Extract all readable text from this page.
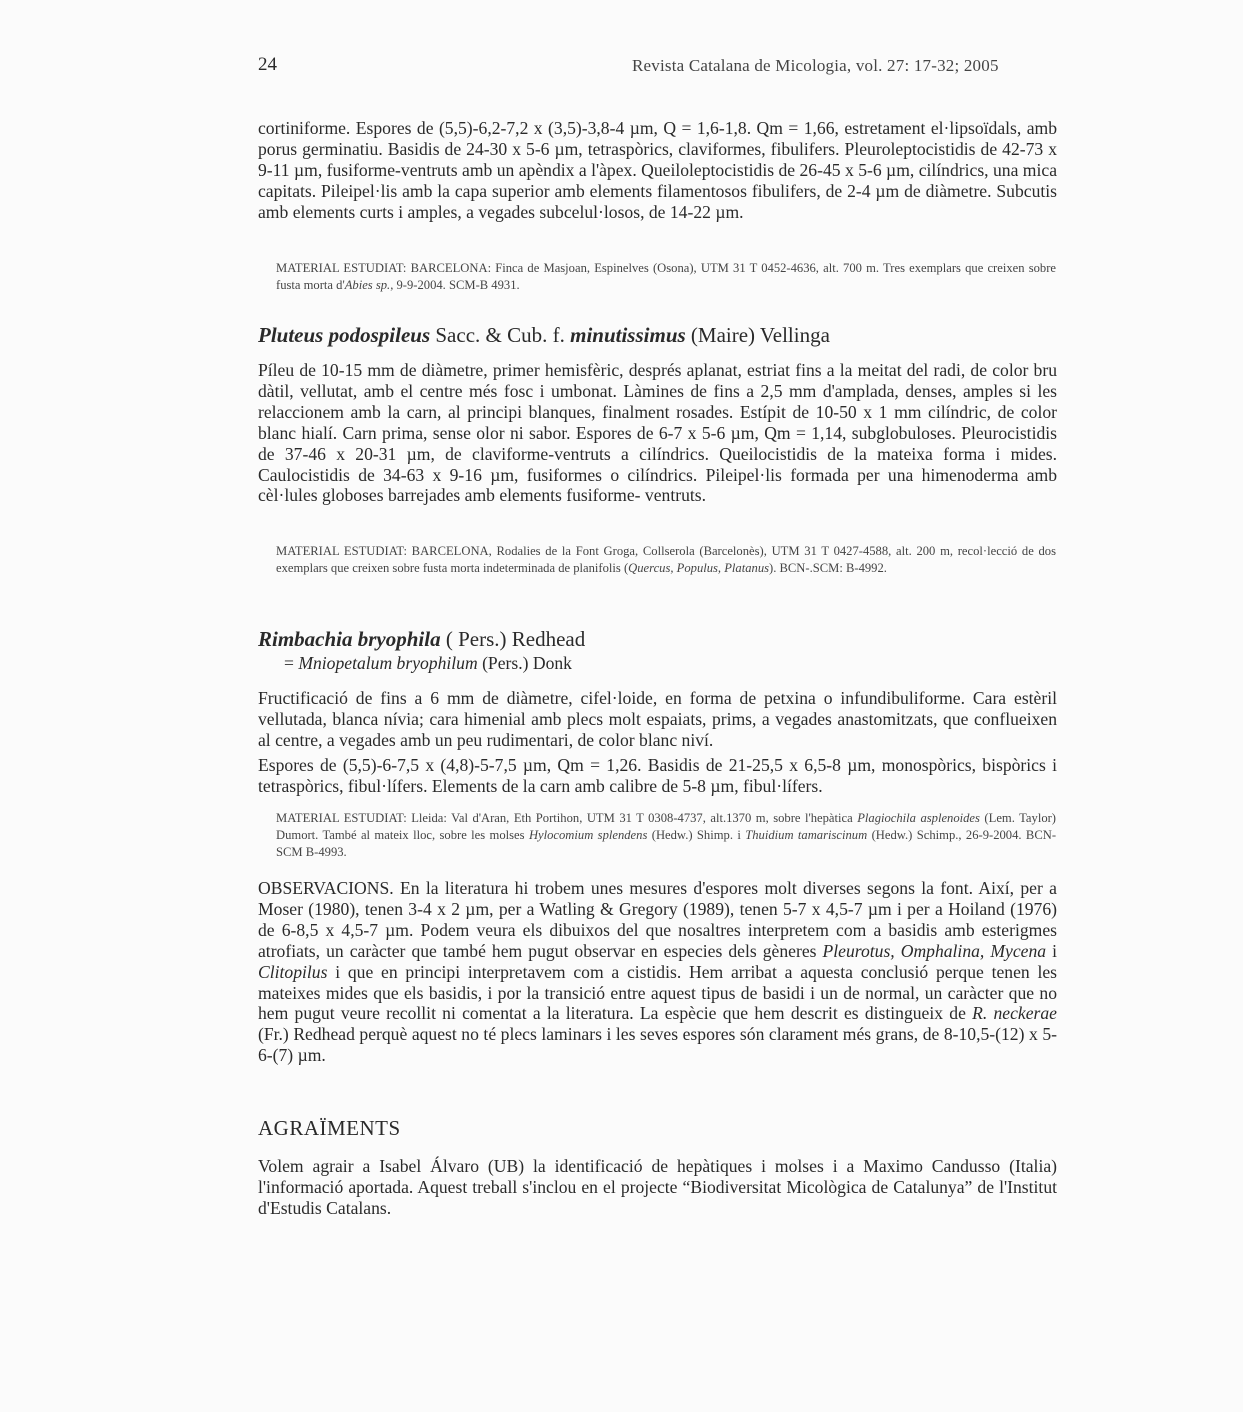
24	Revista Catalana de Micologia, vol. 27: 17-32; 2005

cortiniforme. Espores de (5,5)-6,2-7,2 x (3,5)-3,8-4 µm, Q = 1,6-1,8. Qm = 1,66, estretament el·lipsoïdals, amb porus germinatiu. Basidis de 24-30 x 5-6 µm, tetraspòrics, claviformes, fibulifers. Pleuroleptocistidis de 42-73 x 9-11 µm, fusiforme-ventruts amb un apèndix a l'àpex. Queiloleptocistidis de 26-45 x 5-6 µm, cilíndrics, una mica capitats. Pileipel·lis amb la capa superior amb elements filamentosos fibulifers, de 2-4 µm de diàmetre. Subcutis amb elements curts i amples, a vegades subcelul·losos, de 14-22 µm.

MATERIAL ESTUDIAT: BARCELONA: Finca de Masjoan, Espinelves (Osona), UTM 31 T 0452-4636, alt. 700 m. Tres exemplars que creixen sobre fusta morta d'Abies sp., 9-9-2004. SCM-B 4931.

Pluteus podospileus Sacc. & Cub. f. minutissimus (Maire) Vellinga

Píleu de 10-15 mm de diàmetre, primer hemisfèric, després aplanat, estriat fins a la meitat del radi, de color bru dàtil, vellutat, amb el centre més fosc i umbonat. Làmines de fins a 2,5 mm d'amplada, denses, amples si les relaccionem amb la carn, al principi blanques, finalment rosades. Estípit de 10-50 x 1 mm cilíndric, de color blanc hialí. Carn prima, sense olor ni sabor. Espores de 6-7 x 5-6 µm, Qm = 1,14, subglobuloses. Pleurocistidis de 37-46 x 20-31 µm, de claviforme-ventruts a cilíndrics. Queilocistidis de la mateixa forma i mides. Caulocistidis de 34-63 x 9-16 µm, fusiformes o cilíndrics. Pileipel·lis formada per una himenoderma amb cèl·lules globoses barrejades amb elements fusiforme- ventruts.

MATERIAL ESTUDIAT: BARCELONA, Rodalies de la Font Groga, Collserola (Barcelonès), UTM 31 T 0427-4588, alt. 200 m, recol·lecció de dos exemplars que creixen sobre fusta morta indeterminada de planifolis (Quercus, Populus, Platanus). BCN-.SCM: B-4992.

Rimbachia bryophila ( Pers.) Redhead

= Mniopetalum bryophilum (Pers.) Donk

Fructificació de fins a 6 mm de diàmetre, cifel·loide, en forma de petxina o infundibuliforme. Cara estèril vellutada, blanca nívia; cara himenial amb plecs molt espaiats, prims, a vegades anastomitzats, que conflueixen al centre, a vegades amb un peu rudimentari, de color blanc niví.

Espores de (5,5)-6-7,5 x (4,8)-5-7,5 µm, Qm = 1,26. Basidis de 21-25,5 x 6,5-8 µm, monospòrics, bispòrics i tetraspòrics, fibul·lífers. Elements de la carn amb calibre de 5-8 µm, fibul·lífers.

MATERIAL ESTUDIAT: Lleida: Val d'Aran, Eth Portihon, UTM 31 T 0308-4737, alt.1370 m, sobre l'hepàtica Plagiochila asplenoides (Lem. Taylor) Dumort. També al mateix lloc, sobre les molses Hylocomium splendens (Hedw.) Shimp. i Thuidium tamariscinum (Hedw.) Schimp., 26-9-2004. BCN-SCM B-4993.

OBSERVACIONS. En la literatura hi trobem unes mesures d'espores molt diverses segons la font. Així, per a Moser (1980), tenen 3-4 x 2 µm, per a Watling & Gregory (1989), tenen 5-7 x 4,5-7 µm i per a Hoiland (1976) de 6-8,5 x 4,5-7 µm. Podem veura els dibuixos del que nosaltres interpretem com a basidis amb esterigmes atrofiats, un caràcter que també hem pugut observar en especies dels gèneres Pleurotus, Omphalina, Mycena i Clitopilus i que en principi interpretavem com a cistidis. Hem arribat a aquesta conclusió perque tenen les mateixes mides que els basidis, i por la transició entre aquest tipus de basidi i un de normal, un caràcter que no hem pugut veure recollit ni comentat a la literatura. La espècie que hem descrit es distingueix de R. neckerae (Fr.) Redhead perquè aquest no té plecs laminars i les seves espores són clarament més grans, de 8-10,5-(12) x 5-6-(7) µm.

AGRAÏMENTS

Volem agrair a Isabel Álvaro (UB) la identificació de hepàtiques i molses i a Maximo Candusso (Italia) l'informació aportada. Aquest treball s'inclou en el projecte “Biodiversitat Micològica de Catalunya” de l'Institut d'Estudis Catalans.
